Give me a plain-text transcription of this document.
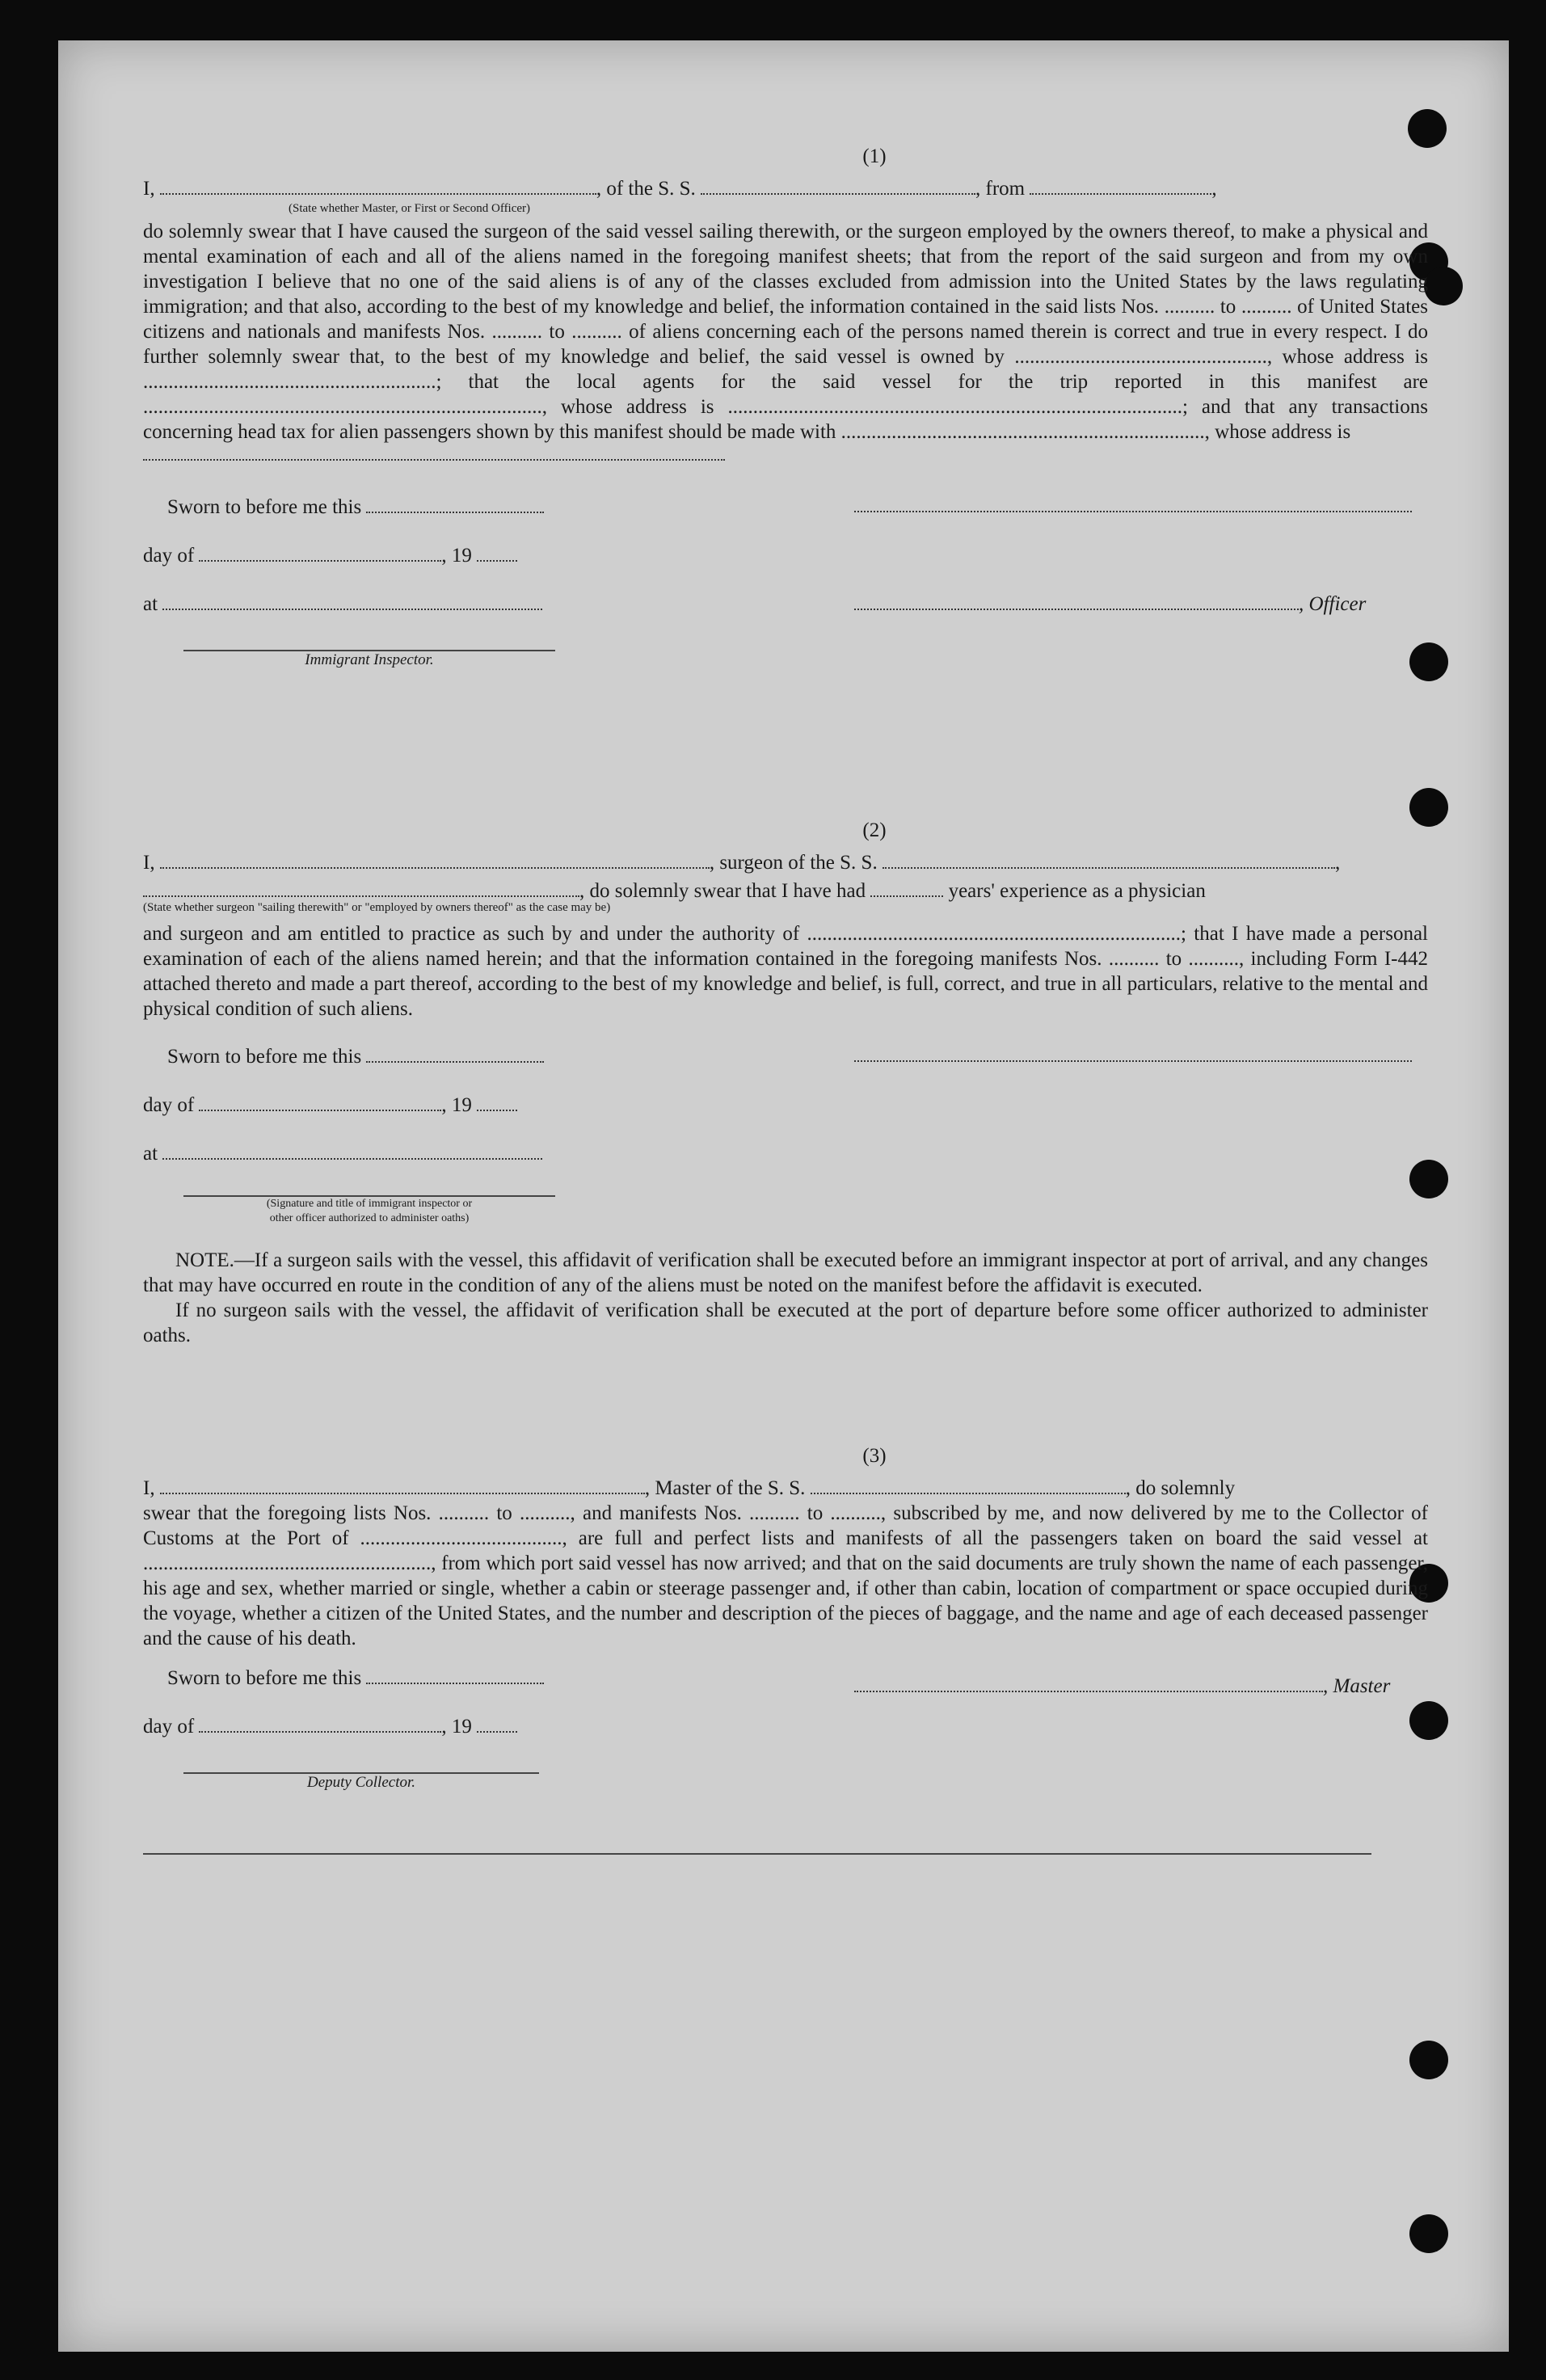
(1)
I,	, of the S. S.	, from	,
(State whether Master, or First or Second Officer)
do solemnly swear that I have caused the surgeon of the said vessel sailing therewith, or the surgeon employed by the owners thereof, to make a physical and mental examination of each and all of the aliens named in the foregoing manifest sheets; that from the report of the said surgeon and from my own investigation I believe that no one of the said aliens is of any of the classes excluded from admission into the United States by the laws regulating immigration; and that also, according to the best of my knowledge and belief, the information contained in the said lists Nos. .......... to .......... of United States citizens and nationals and manifests Nos. .......... to .......... of aliens concerning each of the persons named therein is correct and true in every respect. I do further solemnly swear that, to the best of my knowledge and belief, the said vessel is owned by .................................................., whose address is ..........................................................; that the local agents for the said vessel for the trip reported in this manifest are ..............................................................................., whose address is ..........................................................................................; and that any transactions concerning head tax for alien passengers shown by this manifest should be made with ........................................................................, whose address is
Sworn to before me this
day of	, 19
at
Immigrant Inspector.
, Officer
(2)
I,	, surgeon of the S. S.	,
, do solemnly swear that I have had	years' experience as a physician
(State whether surgeon "sailing therewith" or "employed by owners thereof" as the case may be)
and surgeon and am entitled to practice as such by and under the authority of ..........................................................................; that I have made a personal examination of each of the aliens named herein; and that the information contained in the foregoing manifests Nos. .......... to .........., including Form I-442 attached thereto and made a part thereof, according to the best of my knowledge and belief, is full, correct, and true in all particulars, relative to the mental and physical condition of such aliens.
Sworn to before me this
day of	, 19
at
(Signature and title of immigrant inspector or
other officer authorized to administer oaths)
NOTE.—If a surgeon sails with the vessel, this affidavit of verification shall be executed before an immigrant inspector at port of arrival, and any changes that may have occurred en route in the condition of any of the aliens must be noted on the manifest before the affidavit is executed.
If no surgeon sails with the vessel, the affidavit of verification shall be executed at the port of departure before some officer authorized to administer oaths.
(3)
I,	, Master of the S. S.	, do solemnly
swear that the foregoing lists Nos. .......... to .........., and manifests Nos. .......... to .........., subscribed by me, and now delivered by me to the Collector of Customs at the Port of ........................................, are full and perfect lists and manifests of all the passengers taken on board the said vessel at ........................................................., from which port said vessel has now arrived; and that on the said documents are truly shown the name of each passenger, his age and sex, whether married or single, whether a cabin or steerage passenger and, if other than cabin, location of compartment or space occupied during the voyage, whether a citizen of the United States, and the number and description of the pieces of baggage, and the name and age of each deceased passenger and the cause of his death.
Sworn to before me this
day of	, 19
Deputy Collector.
, Master
